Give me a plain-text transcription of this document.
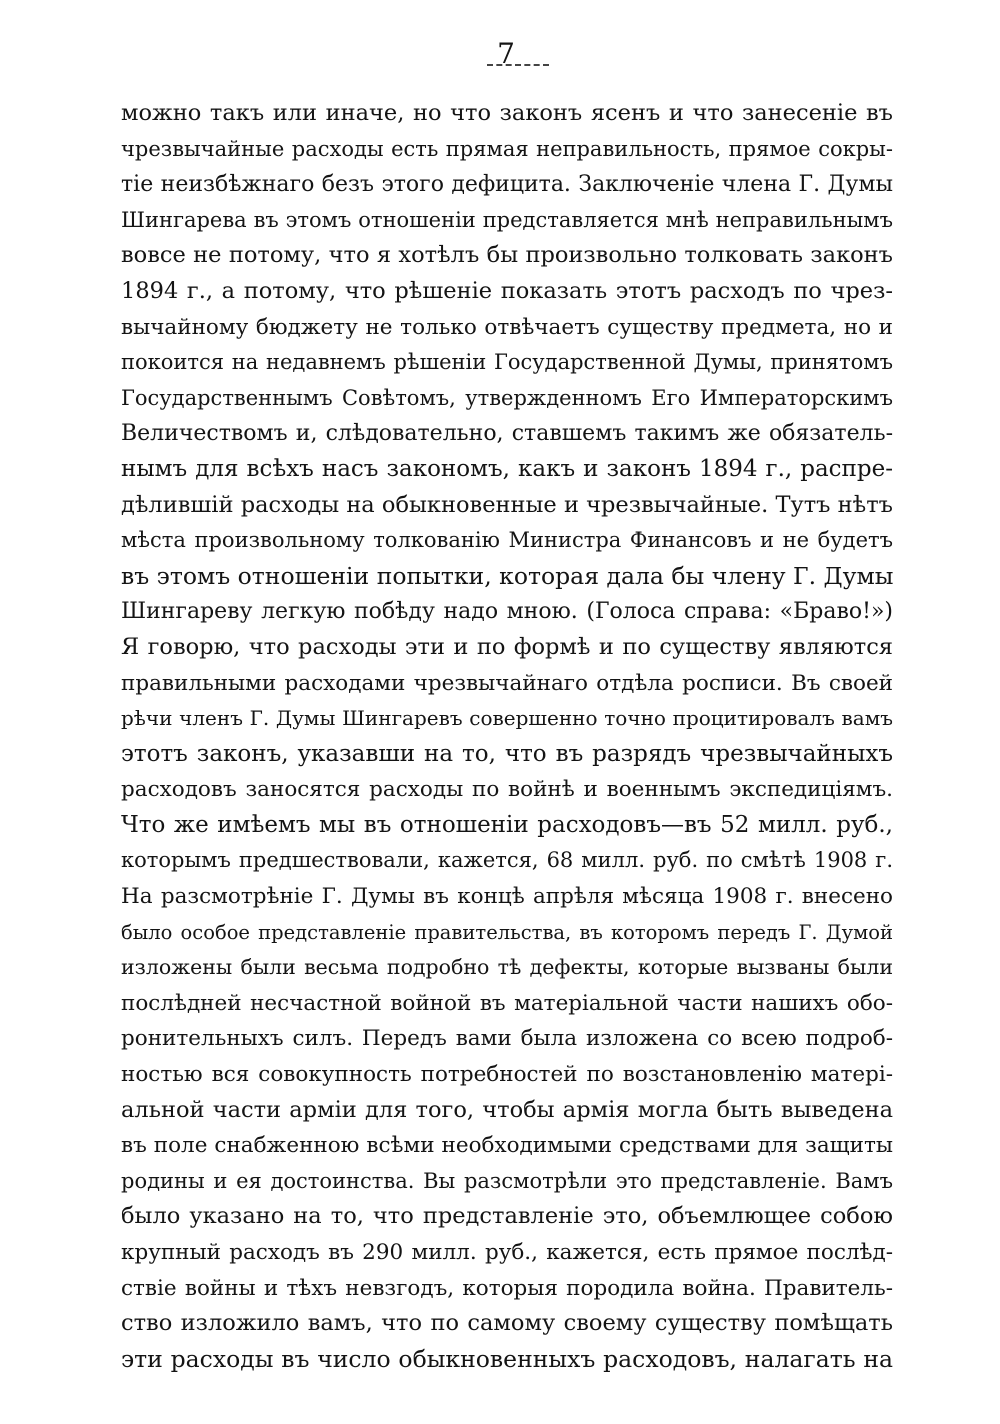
7
можно такъ или иначе, но что законъ ясенъ и что занесеніе въ
чрезвычайные расходы есть прямая неправильность, прямое сокры-
тіе неизбѣжнаго безъ этого дефицита. Заключеніе члена Г. Думы
Шингарева въ этомъ отношеніи представляется мнѣ неправильнымъ
вовсе не потому, что я хотѣлъ бы произвольно толковать законъ
1894 г., а потому, что рѣшеніе показать этотъ расходъ по чрез-
вычайному бюджету не только отвѣчаетъ существу предмета, но и
покоится на недавнемъ рѣшеніи Государственной Думы, принятомъ
Государственнымъ Совѣтомъ, утвержденномъ Его Императорскимъ
Величествомъ и, слѣдовательно, ставшемъ такимъ же обязатель-
нымъ для всѣхъ насъ закономъ, какъ и законъ 1894 г., распре-
дѣлившій расходы на обыкновенные и чрезвычайные. Тутъ нѣтъ
мѣста произвольному толкованію Министра Финансовъ и не будетъ
въ этомъ отношеніи попытки, которая дала бы члену Г. Думы
Шингареву легкую побѣду надо мною. (Голоса справа: «Браво!»)
Я говорю, что расходы эти и по формѣ и по существу являются
правильными расходами чрезвычайнаго отдѣла росписи. Въ своей
рѣчи членъ Г. Думы Шингаревъ совершенно точно процитировалъ вамъ
этотъ законъ, указавши на то, что въ разрядъ чрезвычайныхъ
расходовъ заносятся расходы по войнѣ и военнымъ экспедиціямъ.
Что же имѣемъ мы въ отношеніи расходовъ—въ 52 милл. руб.,
которымъ предшествовали, кажется, 68 милл. руб. по смѣтѣ 1908 г.
На разсмотрѣніе Г. Думы въ концѣ апрѣля мѣсяца 1908 г. внесено
было особое представленіе правительства, въ которомъ передъ Г. Думой
изложены были весьма подробно тѣ дефекты, которые вызваны были
послѣдней несчастной войной въ матеріальной части нашихъ обо-
ронительныхъ силъ. Передъ вами была изложена со всею подроб-
ностью вся совокупность потребностей по возстановленію матері-
альной части арміи для того, чтобы армія могла быть выведена
въ поле снабженною всѣми необходимыми средствами для защиты
родины и ея достоинства. Вы разсмотрѣли это представленіе. Вамъ
было указано на то, что представленіе это, объемлющее собою
крупный расходъ въ 290 милл. руб., кажется, есть прямое послѣд-
ствіе войны и тѣхъ невзгодъ, которыя породила война. Правитель-
ство изложило вамъ, что по самому своему существу помѣщать
эти расходы въ число обыкновенныхъ расходовъ, налагать на
